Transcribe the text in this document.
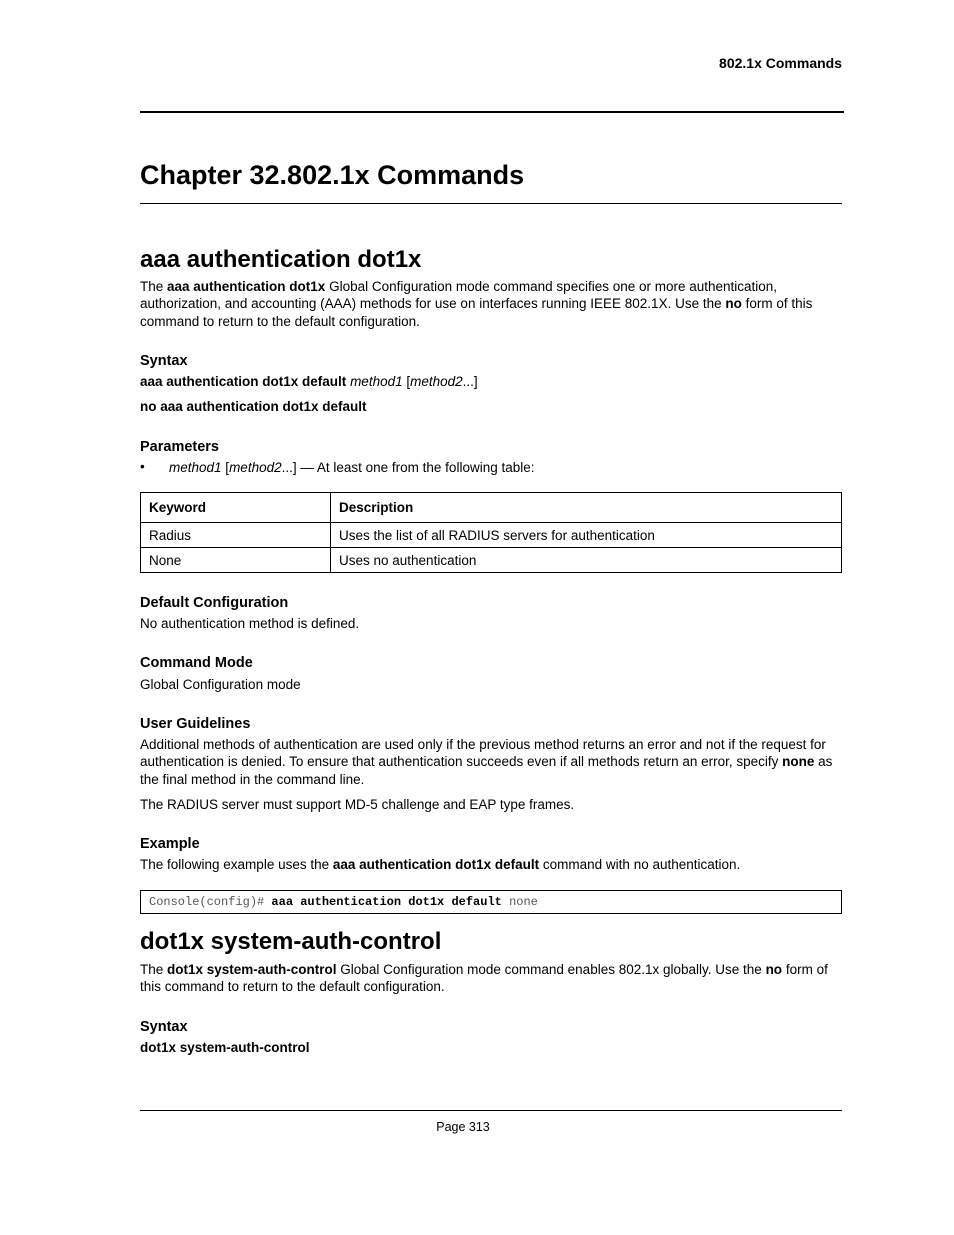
802.1x Commands
Chapter 32.802.1x Commands
aaa authentication dot1x

The aaa authentication dot1x Global Configuration mode command specifies one or more authentication, authorization, and accounting (AAA) methods for use on interfaces running IEEE 802.1X. Use the no form of this command to return to the default configuration.

Syntax

aaa authentication dot1x default method1 [method2...]

no aaa authentication dot1x default

Parameters
• method1 [method2...] — At least one from the following table:

Keyword	Description
Radius	Uses the list of all RADIUS servers for authentication
None	Uses no authentication
Default Configuration

No authentication method is defined.

Command Mode

Global Configuration mode

User Guidelines

Additional methods of authentication are used only if the previous method returns an error and not if the request for authentication is denied. To ensure that authentication succeeds even if all methods return an error, specify none as the final method in the command line.

The RADIUS server must support MD-5 challenge and EAP type frames.

Example

The following example uses the aaa authentication dot1x default command with no authentication.

Console(config)# aaa authentication dot1x default none
dot1x system-auth-control

The dot1x system-auth-control Global Configuration mode command enables 802.1x globally. Use the no form of this command to return to the default configuration.

Syntax

dot1x system-auth-control

Page 313
